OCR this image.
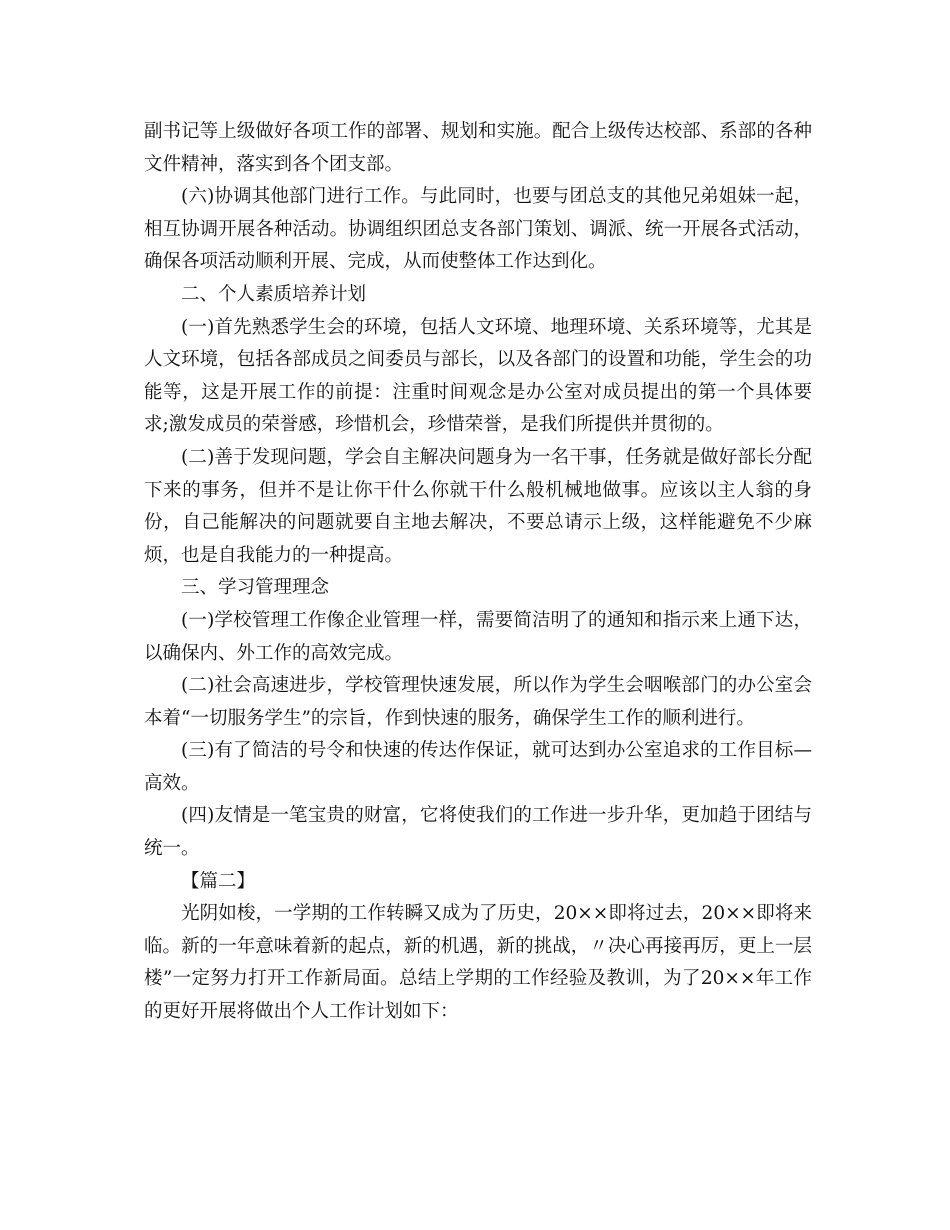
副书记等上级做好各项工作的部署、规划和实施。配合上级传达校部、系部的各种文件精神，落实到各个团支部。

(六)协调其他部门进行工作。与此同时，也要与团总支的其他兄弟姐妹一起，相互协调开展各种活动。协调组织团总支各部门策划、调派、统一开展各式活动，确保各项活动顺利开展、完成，从而使整体工作达到化。

二、个人素质培养计划

(一)首先熟悉学生会的环境，包括人文环境、地理环境、关系环境等，尤其是人文环境，包括各部成员之间委员与部长，以及各部门的设置和功能，学生会的功能等，这是开展工作的前提：注重时间观念是办公室对成员提出的第一个具体要求;激发成员的荣誉感，珍惜机会，珍惜荣誉，是我们所提供并贯彻的。

(二)善于发现问题，学会自主解决问题身为一名干事，任务就是做好部长分配下来的事务，但并不是让你干什么你就干什么般机械地做事。应该以主人翁的身份，自己能解决的问题就要自主地去解决，不要总请示上级，这样能避免不少麻烦，也是自我能力的一种提高。

三、学习管理理念

(一)学校管理工作像企业管理一样，需要简洁明了的通知和指示来上通下达，以确保内、外工作的高效完成。

(二)社会高速进步，学校管理快速发展，所以作为学生会咽喉部门的办公室会本着“一切服务学生”的宗旨，作到快速的服务，确保学生工作的顺利进行。

(三)有了简洁的号令和快速的传达作保证，就可达到办公室追求的工作目标—高效。

(四)友情是一笔宝贵的财富，它将使我们的工作进一步升华，更加趋于团结与统一。

【篇二】

光阴如梭，一学期的工作转瞬又成为了历史，20××即将过去，20××即将来临。新的一年意味着新的起点，新的机遇，新的挑战，〃决心再接再厉，更上一层楼”一定努力打开工作新局面。总结上学期的工作经验及教训，为了20××年工作的更好开展将做出个人工作计划如下：
